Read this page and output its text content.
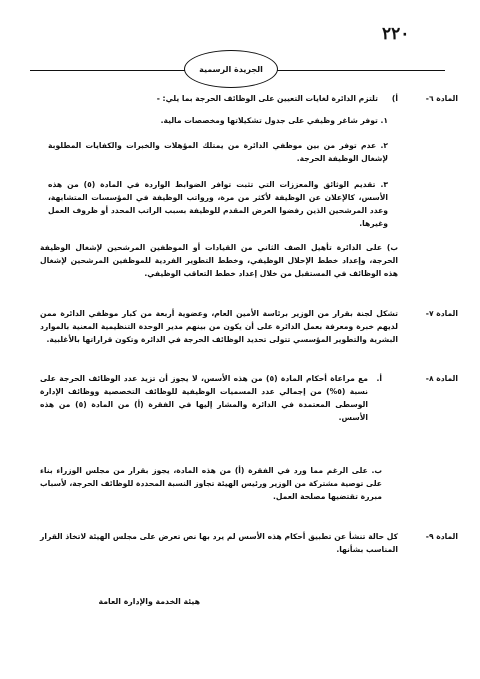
٢٢٠
الجريدة الرسمية
المادة ٦-
أ)

تلتزم الدائرة لغايات التعيين على الوظائف الحرجة بما يلي: -

١. توفر شاغر وظيفي على جدول تشكيلاتها ومخصصات مالية.

٢. عدم توفر من بين موظفي الدائرة من يمتلك المؤهلات والخبرات والكفايات المطلوبة لإشغال الوظيفة الحرجة.

٣. تقديم الوثائق والمعززات التي تثبت توافر الضوابط الواردة في المادة (٥) من هذه الأسس، كالإعلان عن الوظيفة لأكثر من مرة، ورواتب الوظيفة في المؤسسات المتشابهة، وعدد المرشحين الذين رفضوا العرض المقدم للوظيفة بسبب الراتب المحدد أو ظروف العمل وغيرها.

ب) على الدائرة تأهيل الصف الثاني من القيادات أو الموظفين المرشحين لإشغال الوظيفة الحرجة، وإعداد خطط الإحلال الوظيفي، وخطط التطوير الفردية للموظفين المرشحين لإشغال هذه الوظائف في المستقبل من خلال إعداد خطط التعاقب الوظيفي.

المادة ٧-

تشكل لجنة بقرار من الوزير برئاسة الأمين العام، وعضوية أربعة من كبار موظفي الدائرة ممن لديهم خبرة ومعرفة بعمل الدائرة على أن يكون من بينهم مدير الوحدة التنظيمية المعنية بالموارد البشرية والتطوير المؤسسي تتولى تحديد الوظائف الحرجة في الدائرة وتكون قراراتها بالأغلبية.

المادة ٨-
أ.

مع مراعاة أحكام المادة (٥) من هذه الأسس، لا يجوز أن تزيد عدد الوظائف الحرجة على نسبة (٥%) من إجمالي عدد المسميات الوظيفية للوظائف التخصصية ووظائف الإدارة الوسطى المعتمدة في الدائرة والمشار إليها في الفقرة (أ) من المادة (٥) من هذه الأسس.

ب. على الرغم مما ورد في الفقرة (أ) من هذه المادة، يجوز بقرار من مجلس الوزراء بناء على توصية مشتركة من الوزير ورئيس الهيئة تجاوز النسبة المحددة للوظائف الحرجة، لأسباب مبررة تقتضيها مصلحة العمل.

المادة ٩-

كل حالة تنشأ عن تطبيق أحكام هذه الأسس لم يرد بها نص تعرض على مجلس الهيئة لاتخاذ القرار المناسب بشأنها.

هيئة الخدمة والإدارة العامة
